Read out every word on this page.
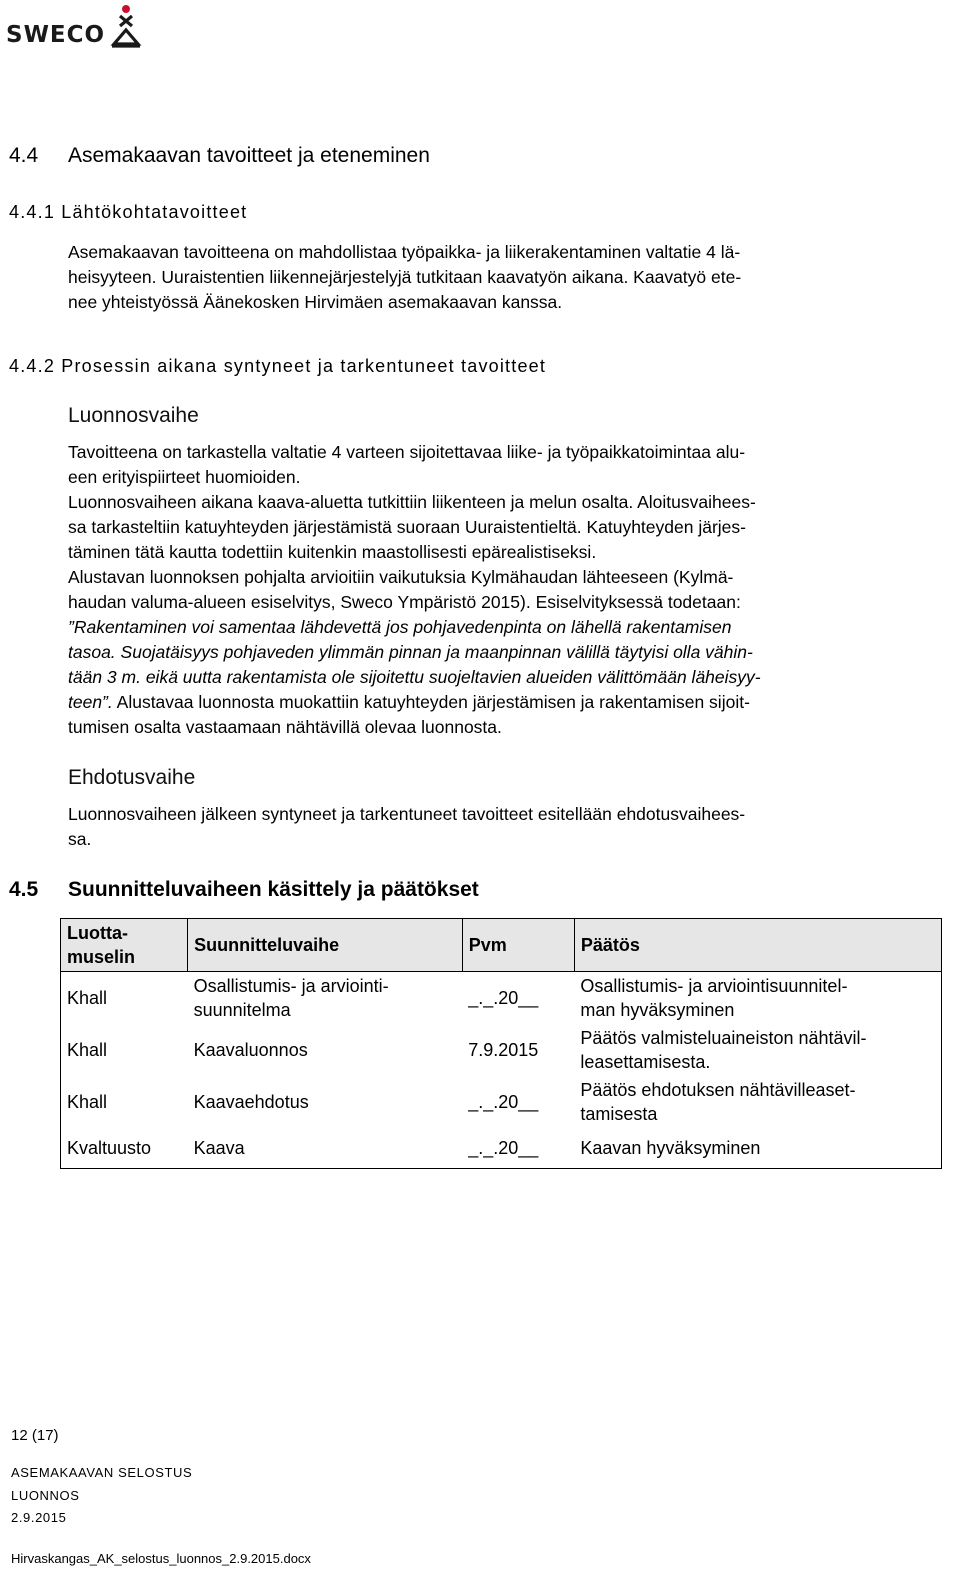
SWECO
4.4 Asemakaavan tavoitteet ja eteneminen
4.4.1 Lähtökohtatavoitteet
Asemakaavan tavoitteena on mahdollistaa työpaikka- ja liikerakentaminen valtatie 4 lä-
heisyyteen. Uuraistentien liikennejärjestelyjä tutkitaan kaavatyön aikana. Kaavatyö ete-
nee yhteistyössä Äänekosken Hirvimäen asemakaavan kanssa.
4.4.2 Prosessin aikana syntyneet ja tarkentuneet tavoitteet
Luonnosvaihe
Tavoitteena on tarkastella valtatie 4 varteen sijoitettavaa liike- ja työpaikkatoimintaa alu-
een erityispiirteet huomioiden.
Luonnosvaiheen aikana kaava-aluetta tutkittiin liikenteen ja melun osalta. Aloitusvaihees-
sa tarkasteltiin katuyhteyden järjestämistä suoraan Uuraistentieltä. Katuyhteyden järjes-
täminen tätä kautta todettiin kuitenkin maastollisesti epärealistiseksi.
Alustavan luonnoksen pohjalta arvioitiin vaikutuksia Kylmähaudan lähteeseen (Kylmä-
haudan valuma-alueen esiselvitys, Sweco Ympäristö 2015). Esiselvityksessä todetaan:
”Rakentaminen voi samentaa lähdevettä jos pohjavedenpinta on lähellä rakentamisen
tasoa. Suojatäisyys pohjaveden ylimmän pinnan ja maanpinnan välillä täytyisi olla vähin-
tään 3 m. eikä uutta rakentamista ole sijoitettu suojeltavien alueiden välittömään läheisyy-
teen”. Alustavaa luonnosta muokattiin katuyhteyden järjestämisen ja rakentamisen sijoit-
tumisen osalta vastaamaan nähtävillä olevaa luonnosta.
Ehdotusvaihe
Luonnosvaiheen jälkeen syntyneet ja tarkentuneet tavoitteet esitellään ehdotusvaihees-
sa.
4.5 Suunnitteluvaiheen käsittely ja päätökset
Luotta-
muselin	Suunnitteluvaihe	Pvm	Päätös
Khall	Osallistumis- ja arviointi-
suunnitelma	_._.20__	Osallistumis- ja arviointisuunnitel-
man hyväksyminen
Khall	Kaavaluonnos	7.9.2015	Päätös valmisteluaineiston nähtävil-
leasettamisesta.
Khall	Kaavaehdotus	_._.20__	Päätös ehdotuksen nähtävilleaset-
tamisesta
Kvaltuusto	Kaava	_._.20__	Kaavan hyväksyminen
12 (17)
ASEMAKAAVAN SELOSTUS
LUONNOS
2.9.2015
Hirvaskangas_AK_selostus_luonnos_2.9.2015.docx
